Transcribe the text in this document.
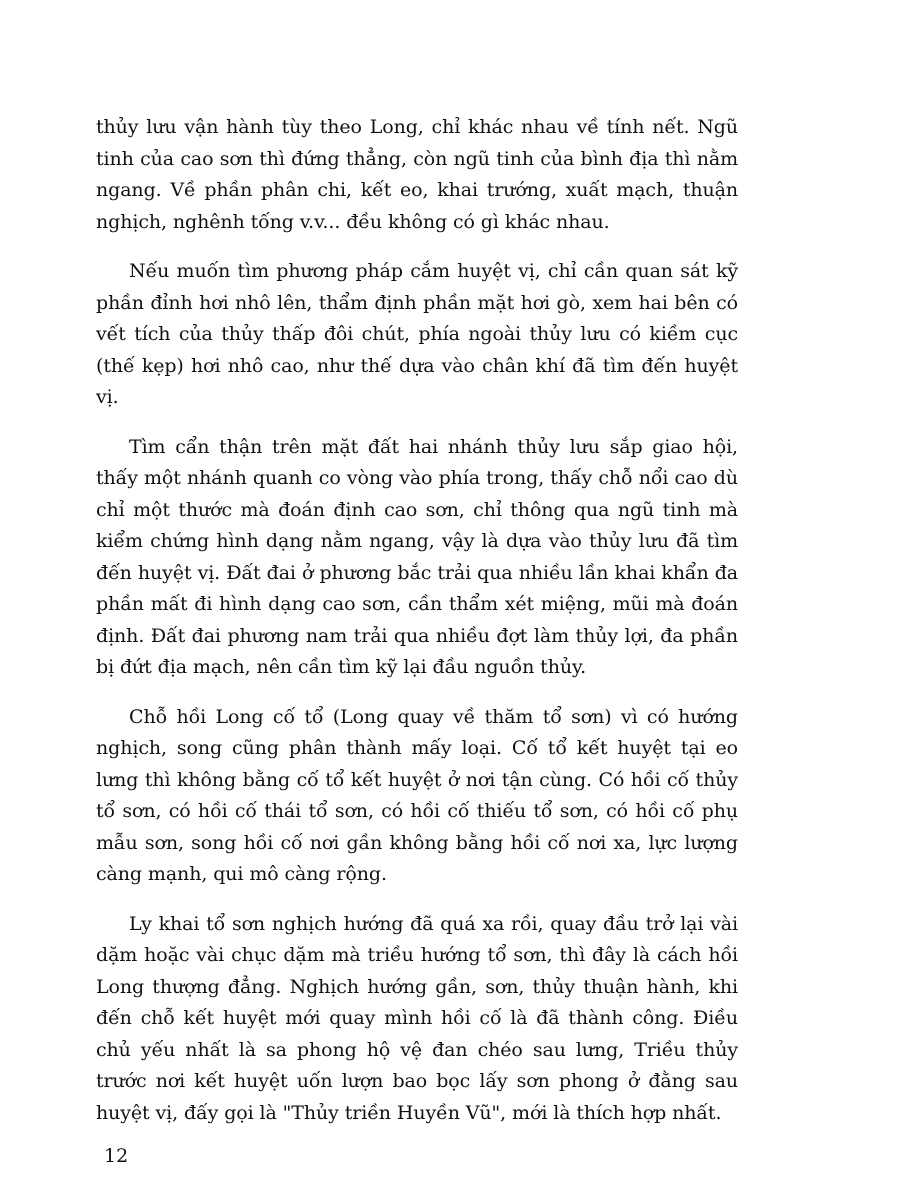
thủy lưu vận hành tùy theo Long, chỉ khác nhau về tính nết. Ngũ tinh của cao sơn thì đứng thẳng, còn ngũ tinh của bình địa thì nằm ngang. Về phần phân chi, kết eo, khai trướng, xuất mạch, thuận nghịch, nghênh tống v.v... đều không có gì khác nhau.

Nếu muốn tìm phương pháp cắm huyệt vị, chỉ cần quan sát kỹ phần đỉnh hơi nhô lên, thẩm định phần mặt hơi gò, xem hai bên có vết tích của thủy thấp đôi chút, phía ngoài thủy lưu có kiềm cục (thế kẹp) hơi nhô cao, như thế dựa vào chân khí đã tìm đến huyệt vị.

Tìm cẩn thận trên mặt đất hai nhánh thủy lưu sắp giao hội, thấy một nhánh quanh co vòng vào phía trong, thấy chỗ nổi cao dù chỉ một thước mà đoán định cao sơn, chỉ thông qua ngũ tinh mà kiểm chứng hình dạng nằm ngang, vậy là dựa vào thủy lưu đã tìm đến huyệt vị. Đất đai ở phương bắc trải qua nhiều lần khai khẩn đa phần mất đi hình dạng cao sơn, cần thẩm xét miệng, mũi mà đoán định. Đất đai phương nam trải qua nhiều đợt làm thủy lợi, đa phần bị đứt địa mạch, nên cần tìm kỹ lại đầu nguồn thủy.

Chỗ hồi Long cố tổ (Long quay về thăm tổ sơn) vì có hướng nghịch, song cũng phân thành mấy loại. Cố tổ kết huyệt tại eo lưng thì không bằng cố tổ kết huyệt ở nơi tận cùng. Có hồi cố thủy tổ sơn, có hồi cố thái tổ sơn, có hồi cố thiếu tổ sơn, có hồi cố phụ mẫu sơn, song hồi cố nơi gần không bằng hồi cố nơi xa, lực lượng càng mạnh, qui mô càng rộng.

Ly khai tổ sơn nghịch hướng đã quá xa rồi, quay đầu trở lại vài dặm hoặc vài chục dặm mà triều hướng tổ sơn, thì đây là cách hồi Long thượng đẳng. Nghịch hướng gần, sơn, thủy thuận hành, khi đến chỗ kết huyệt mới quay mình hồi cố là đã thành công. Điều chủ yếu nhất là sa phong hộ vệ đan chéo sau lưng, Triều thủy trước nơi kết huyệt uốn lượn bao bọc lấy sơn phong ở đằng sau huyệt vị, đấy gọi là "Thủy triền Huyền Vũ", mới là thích hợp nhất.

12
